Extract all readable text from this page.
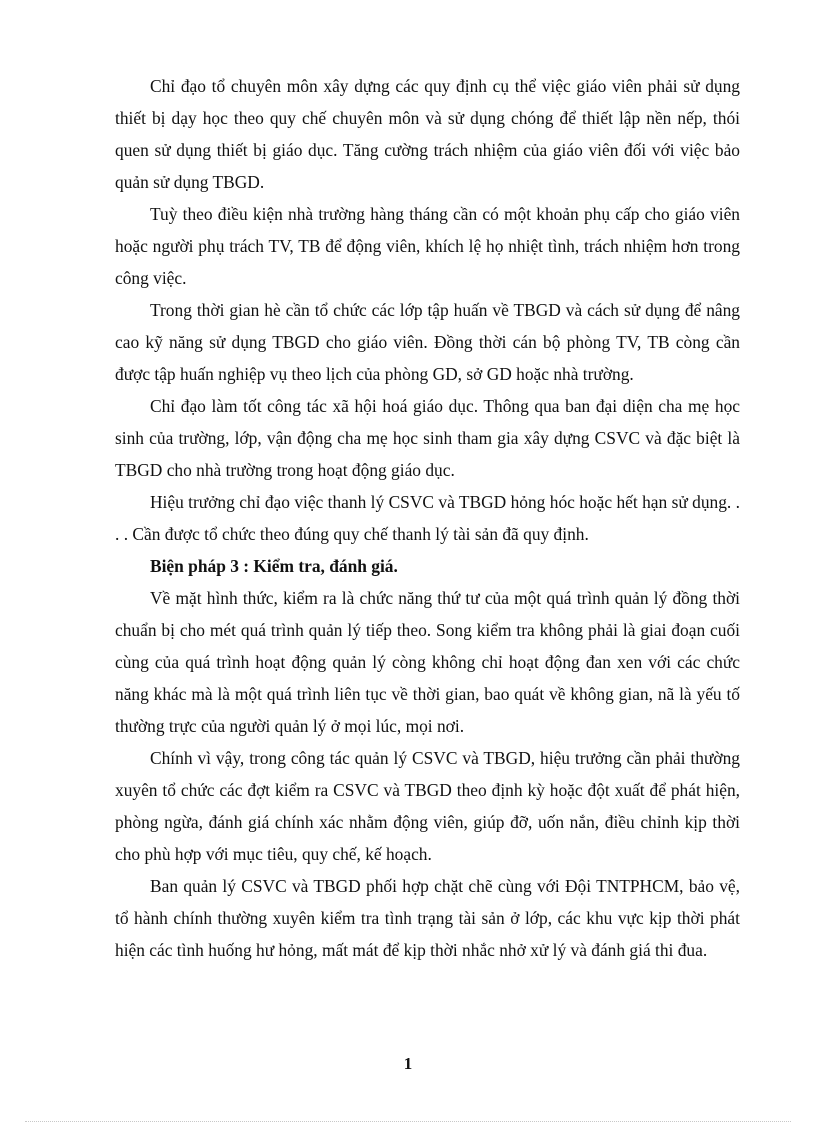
Chỉ đạo tổ chuyên môn xây dựng các quy định cụ thể việc giáo viên phải sử dụng thiết bị dạy học theo quy chế chuyên môn và sử dụng chóng để thiết lập nền nếp, thói quen sử dụng thiết bị giáo dục. Tăng cường trách nhiệm của giáo viên đối với việc bảo quản sử dụng TBGD.

Tuỳ theo điều kiện nhà trường hàng tháng cần có một khoản phụ cấp cho giáo viên hoặc người phụ trách TV, TB để động viên, khích lệ họ nhiệt tình, trách nhiệm hơn trong công việc.

Trong thời gian hè cần tổ chức các lớp tập huấn về TBGD và cách sử dụng để nâng cao kỹ năng sử dụng TBGD cho giáo viên. Đồng thời cán bộ phòng TV, TB còng cần được tập huấn nghiệp vụ theo lịch của phòng GD, sở GD hoặc nhà trường.

Chỉ đạo làm tốt công tác xã hội hoá giáo dục. Thông qua ban đại diện cha mẹ học sinh của trường, lớp, vận động cha mẹ học sinh tham gia xây dựng CSVC và đặc biệt là TBGD cho nhà trường trong hoạt động giáo dục.

Hiệu trưởng chỉ đạo việc thanh lý CSVC và TBGD hỏng hóc hoặc hết hạn sử dụng. . . . Cần được tổ chức theo đúng quy chế thanh lý tài sản đã quy định.

Biện pháp 3 : Kiểm tra, đánh giá.

Về mặt hình thức, kiểm ra là chức năng thứ tư của một quá trình quản lý đồng thời chuẩn bị cho mét quá trình quản lý tiếp theo. Song kiểm tra không phải là giai đoạn cuối cùng của quá trình hoạt động quản lý còng không chỉ hoạt động đan xen với các chức năng khác mà là một quá trình liên tục về thời gian, bao quát về không gian, nã là yếu tố thường trực của người quản lý ở mọi lúc, mọi nơi.

Chính vì vậy, trong công tác quản lý CSVC và TBGD, hiệu trưởng cần phải thường xuyên tổ chức các đợt kiểm ra CSVC và TBGD theo định kỳ hoặc đột xuất để phát hiện, phòng ngừa, đánh giá chính xác nhằm động viên, giúp đỡ, uốn nắn, điều chỉnh kịp thời cho phù hợp với mục tiêu, quy chế, kế hoạch.

Ban quản lý CSVC và TBGD phối hợp chặt chẽ cùng với Đội TNTPHCM, bảo vệ, tổ hành chính thường xuyên kiểm tra tình trạng tài sản ở lớp, các khu vực kịp thời phát hiện các tình huống hư hỏng, mất mát để kịp thời nhắc nhở xử lý và đánh giá thi đua.

1
